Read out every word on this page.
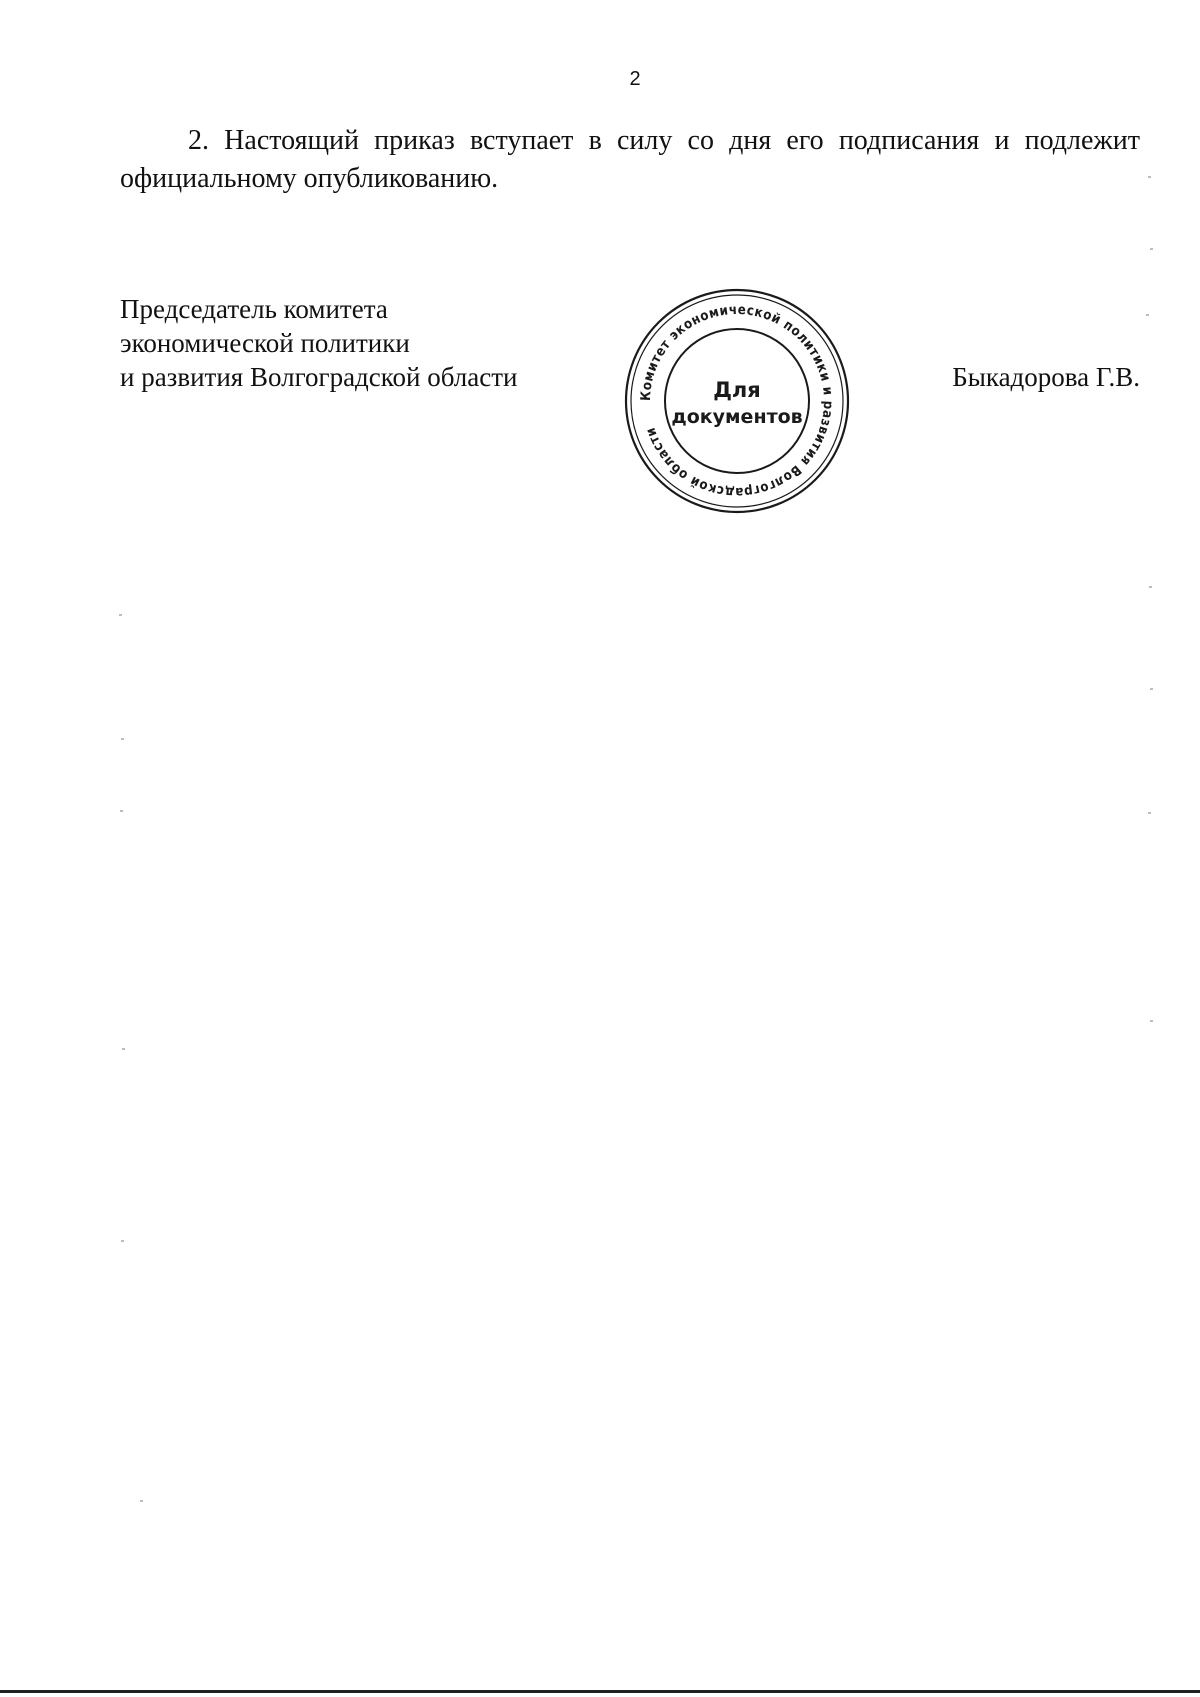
2
2. Настоящий приказ вступает в силу со дня его подписания и подлежит официальному опубликованию.
Председатель комитета
экономической политики
и развития Волгоградской области
Комитет экономической политики и развития Волгоградской области
Для
документов
Быкадорова Г.В.
